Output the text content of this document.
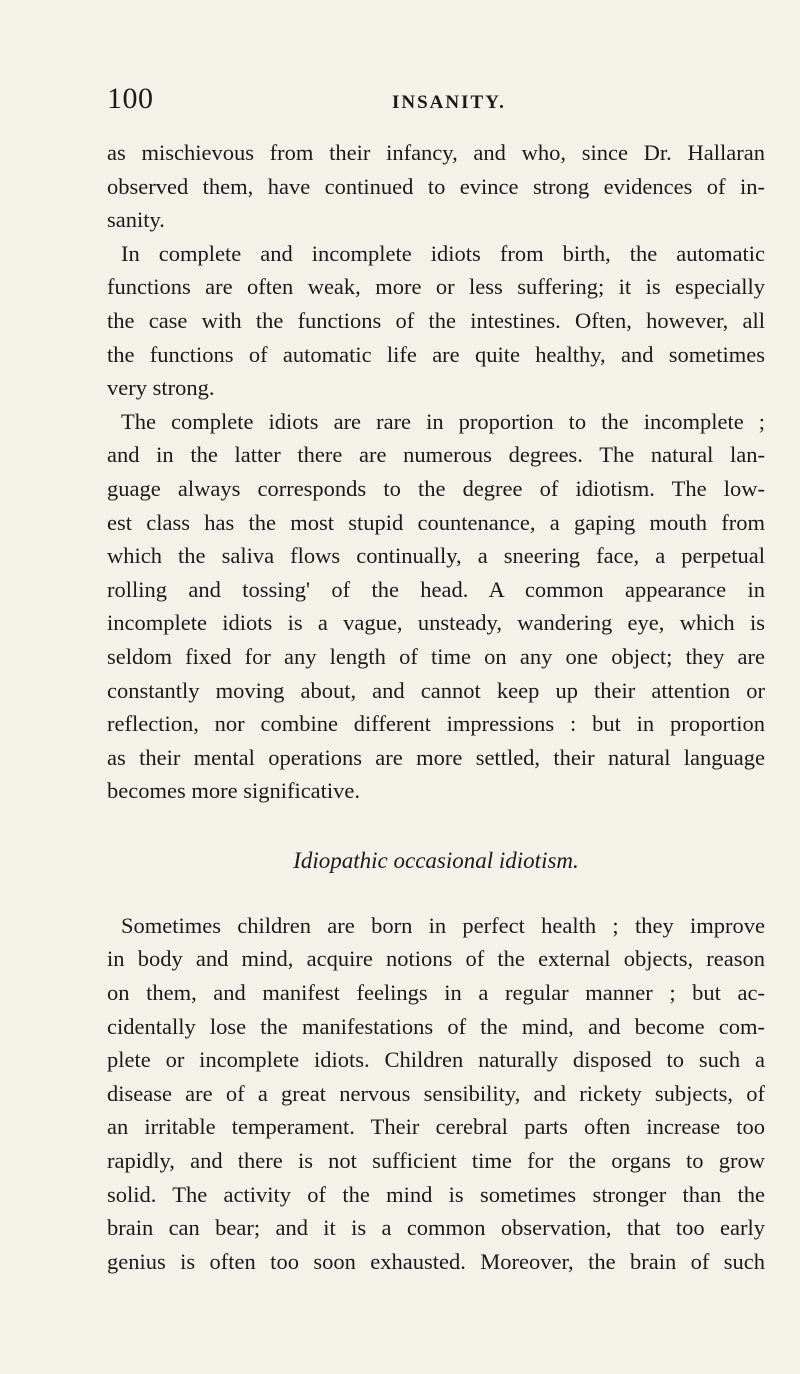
100	INSANITY.
as mischievous from their infancy, and who, since Dr. Hallaran
observed them, have continued to evince strong evidences of in-
sanity.
In complete and incomplete idiots from birth, the automatic
functions are often weak, more or less suffering; it is especially
the case with the functions of the intestines. Often, however, all
the functions of automatic life are quite healthy, and sometimes
very strong.
The complete idiots are rare in proportion to the incomplete ;
and in the latter there are numerous degrees. The natural lan-
guage always corresponds to the degree of idiotism. The low-
est class has the most stupid countenance, a gaping mouth from
which the saliva flows continually, a sneering face, a perpetual
rolling and tossing' of the head. A common appearance in
incomplete idiots is a vague, unsteady, wandering eye, which is
seldom fixed for any length of time on any one object; they are
constantly moving about, and cannot keep up their attention or
reflection, nor combine different impressions : but in proportion
as their mental operations are more settled, their natural language
becomes more significative.
Idiopathic occasional idiotism.
Sometimes children are born in perfect health ; they improve
in body and mind, acquire notions of the external objects, reason
on them, and manifest feelings in a regular manner ; but ac-
cidentally lose the manifestations of the mind, and become com-
plete or incomplete idiots. Children naturally disposed to such a
disease are of a great nervous sensibility, and rickety subjects, of
an irritable temperament. Their cerebral parts often increase too
rapidly, and there is not sufficient time for the organs to grow
solid. The activity of the mind is sometimes stronger than the
brain can bear; and it is a common observation, that too early
genius is often too soon exhausted. Moreover, the brain of such
